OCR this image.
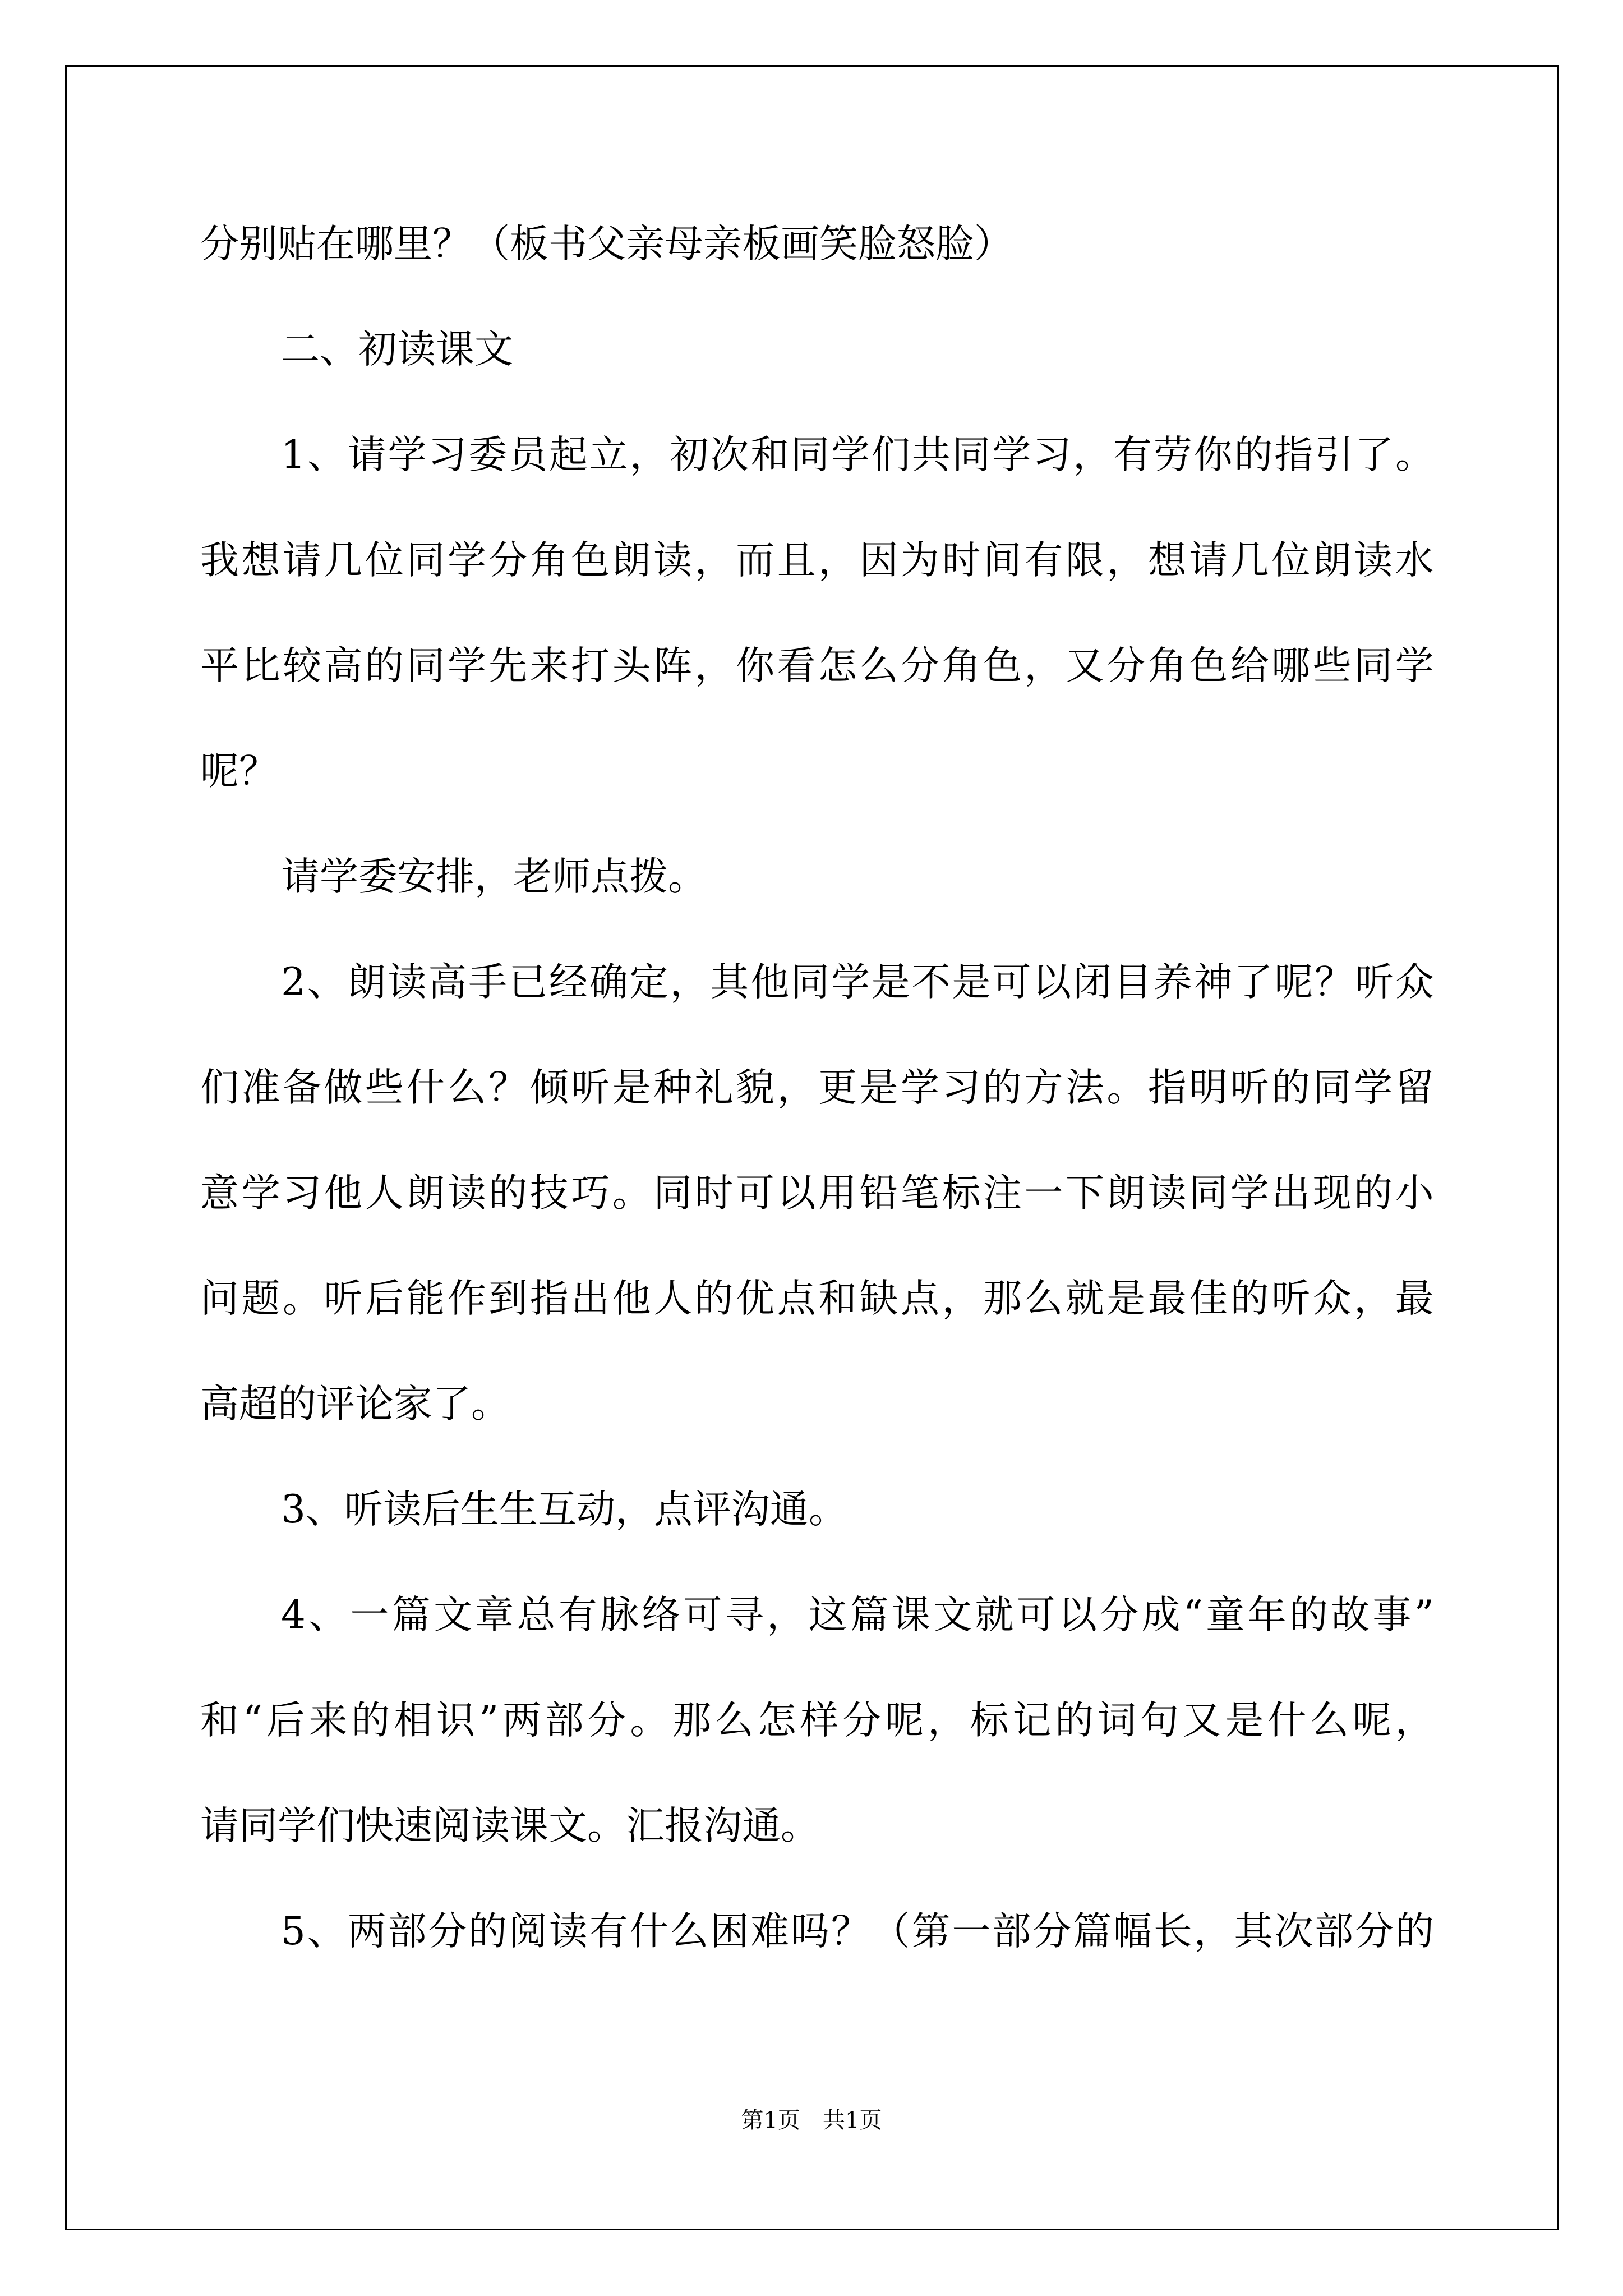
分别贴在哪里？（板书父亲母亲板画笑脸怒脸）
二、初读课文
1 、 请 学 习 委 员 起 立 ， 初 次 和 同 学 们 共 同 学 习 ， 有 劳 你 的 指 引 了 。
我 想 请 几 位 同 学 分 角 色 朗 读 ， 而 且 ， 因 为 时 间 有 限 ， 想 请 几 位 朗 读 水
平 比 较 高 的 同 学 先 来 打 头 阵 ， 你 看 怎 么 分 角 色 ， 又 分 角 色 给 哪 些 同 学
呢？
请学委安排，老师点拨。
2 、 朗 读 高 手 已 经 确 定 ， 其 他 同 学 是 不 是 可 以 闭 目 养 神 了 呢 ？ 听 众
们 准 备 做 些 什 么 ？ 倾 听 是 种 礼 貌 ， 更 是 学 习 的 方 法 。 指 明 听 的 同 学 留
意 学 习 他 人 朗 读 的 技 巧 。 同 时 可 以 用 铅 笔 标 注 一 下 朗 读 同 学 出 现 的 小
问 题 。 听 后 能 作 到 指 出 他 人 的 优 点 和 缺 点 ， 那 么 就 是 最 佳 的 听 众 ， 最
高超的评论家了。
3、听读后生生互动，点评沟通。
4 、 一 篇 文 章 总 有 脉 络 可 寻 ， 这 篇 课 文 就 可 以 分 成 “ 童 年 的 故 事 ”
和 “ 后 来 的 相 识 ” 两 部 分 。 那 么 怎 样 分 呢 ， 标 记 的 词 句 又 是 什 么 呢 ，
请同学们快速阅读课文。汇报沟通。
5 、 两 部 分 的 阅 读 有 什 么 困 难 吗 ？ （ 第 一 部 分 篇 幅 长 ， 其 次 部 分 的
第1页　共1页
